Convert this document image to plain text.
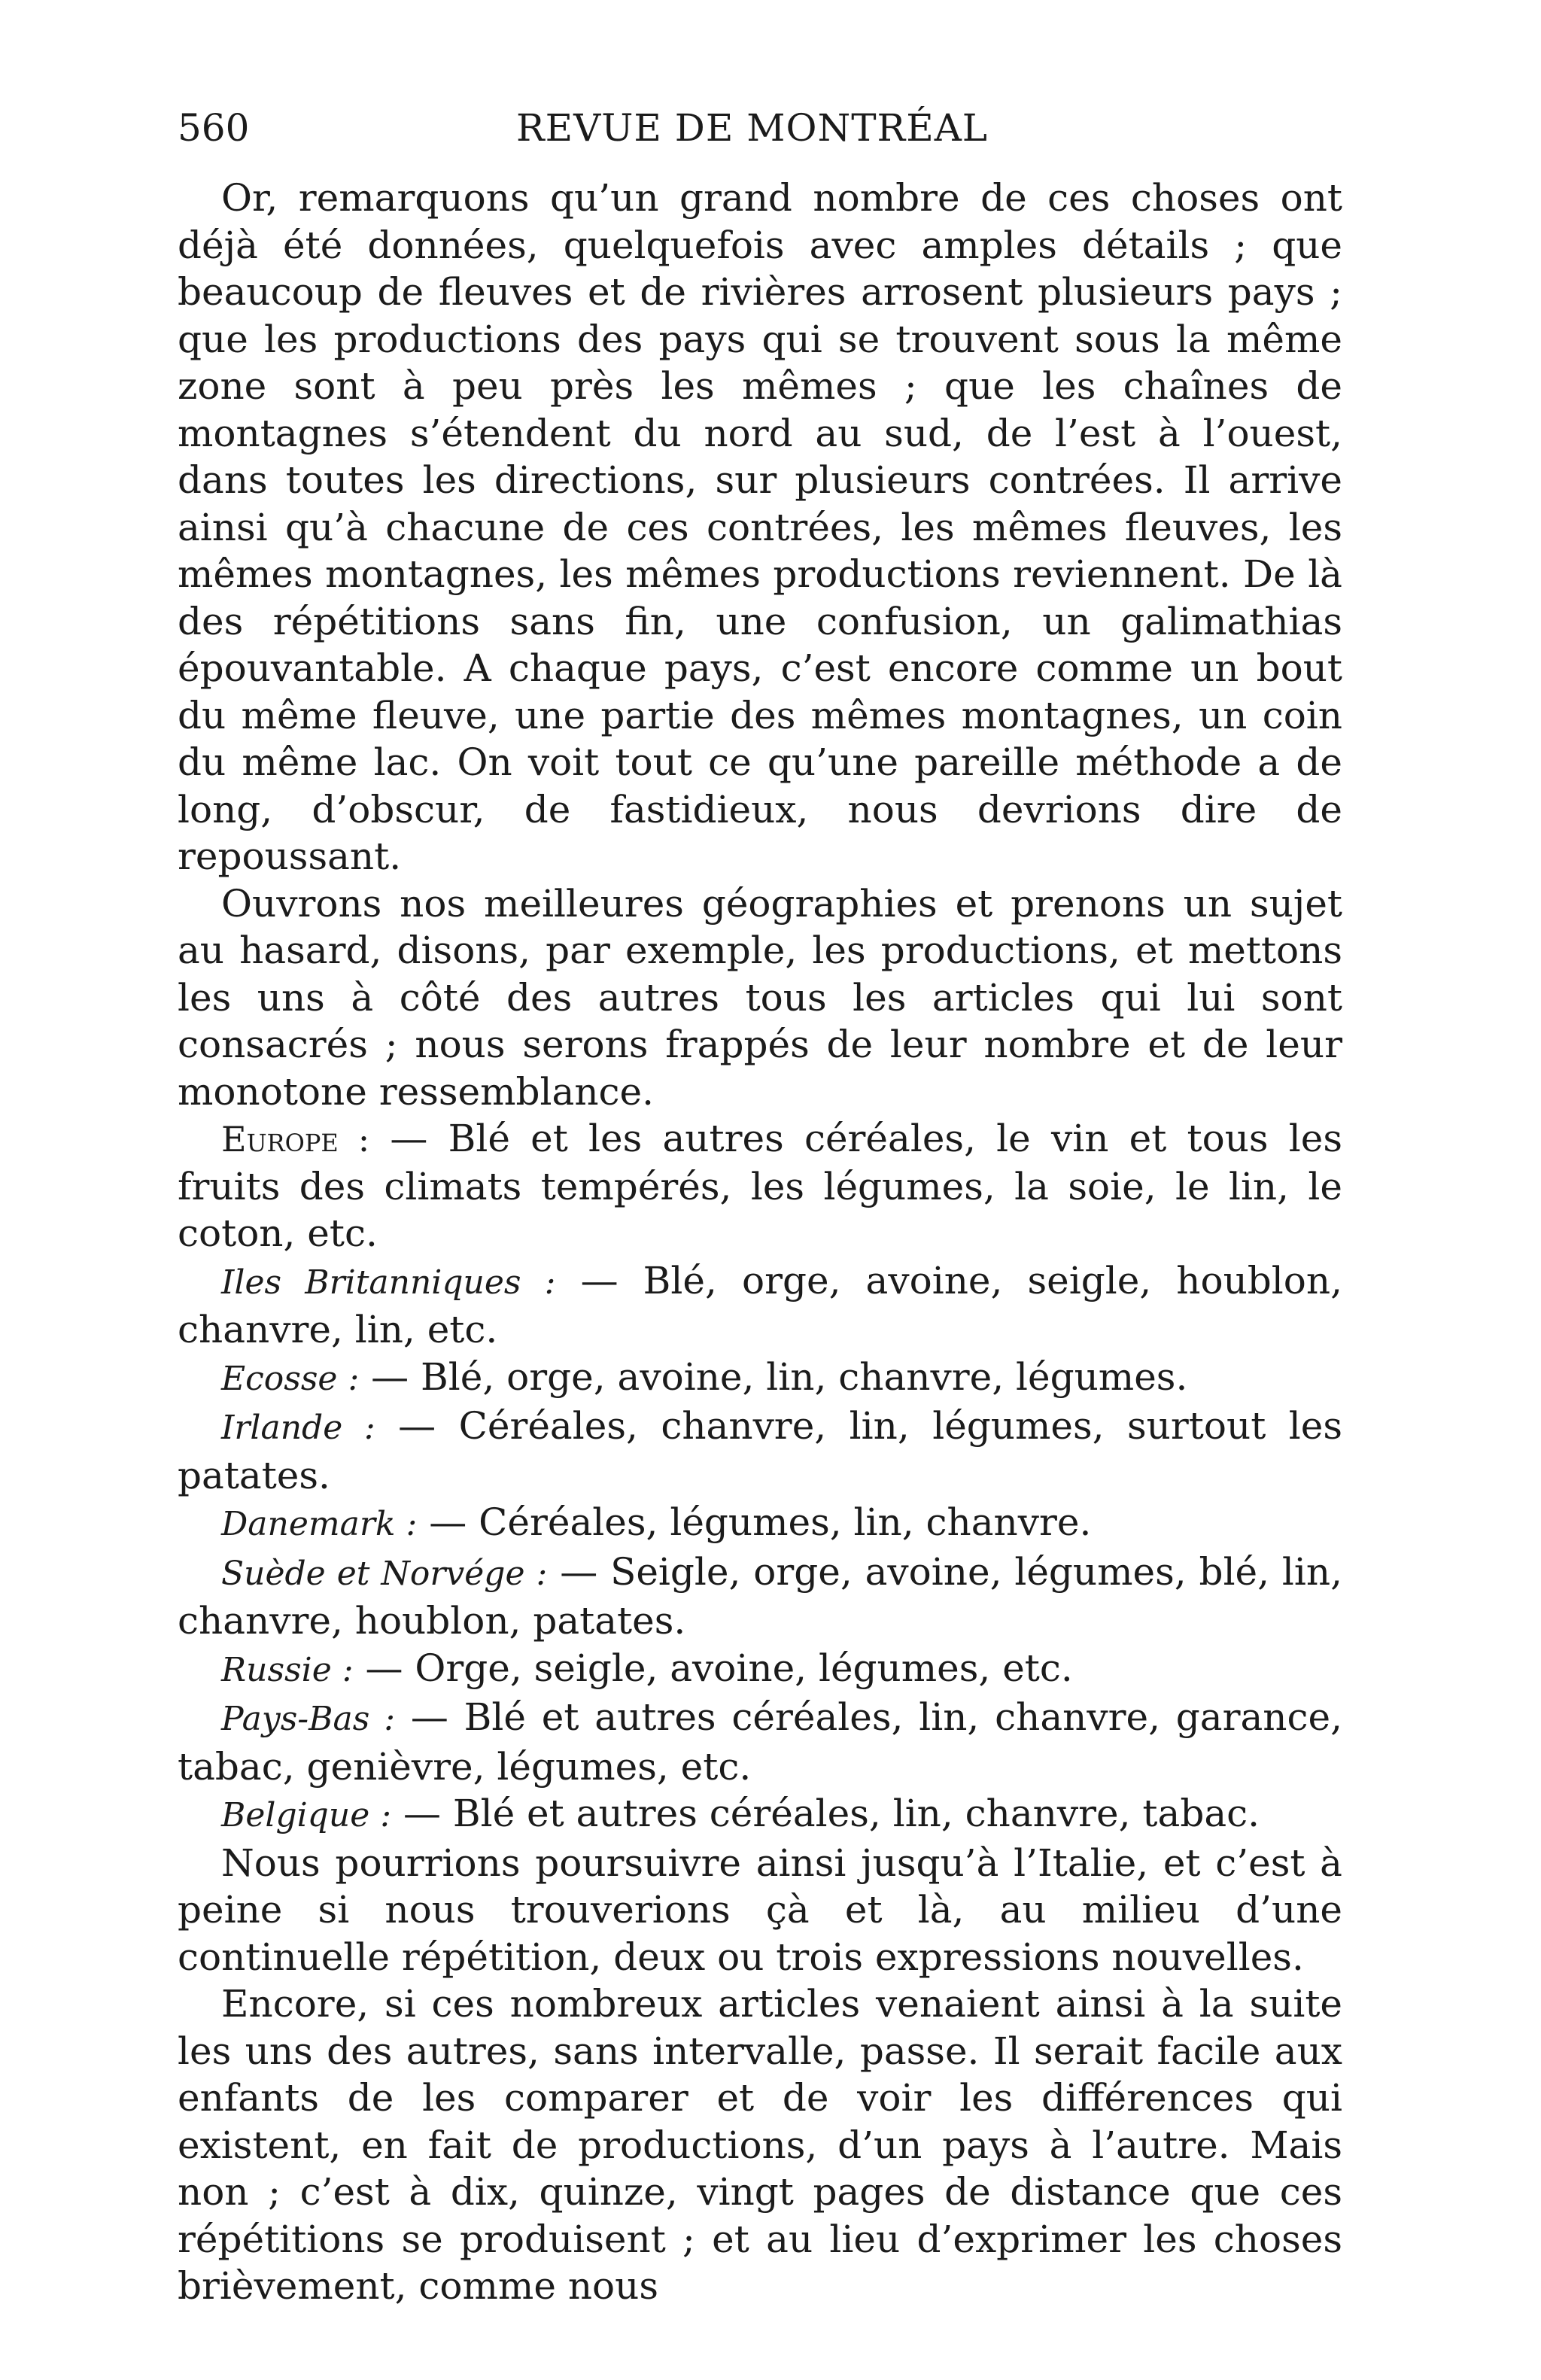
560	REVUE DE MONTRÉAL

Or, remarquons qu’un grand nombre de ces choses ont déjà été données, quelquefois avec amples détails ; que beaucoup de fleuves et de rivières arrosent plusieurs pays ; que les productions des pays qui se trouvent sous la même zone sont à peu près les mêmes ; que les chaînes de montagnes s’étendent du nord au sud, de l’est à l’ouest, dans toutes les directions, sur plusieurs contrées. Il arrive ainsi qu’à chacune de ces contrées, les mêmes fleuves, les mêmes montagnes, les mêmes productions reviennent. De là des répétitions sans fin, une confusion, un galimathias épouvantable. A chaque pays, c’est encore comme un bout du même fleuve, une partie des mêmes montagnes, un coin du même lac. On voit tout ce qu’une pareille méthode a de long, d’obscur, de fastidieux, nous devrions dire de repoussant.

Ouvrons nos meilleures géographies et prenons un sujet au hasard, disons, par exemple, les productions, et mettons les uns à côté des autres tous les articles qui lui sont consacrés ; nous serons frappés de leur nombre et de leur monotone ressemblance.

Europe : — Blé et les autres céréales, le vin et tous les fruits des climats tempérés, les légumes, la soie, le lin, le coton, etc.

Iles Britanniques : — Blé, orge, avoine, seigle, houblon, chanvre, lin, etc.

Ecosse : — Blé, orge, avoine, lin, chanvre, légumes.

Irlande : — Céréales, chanvre, lin, légumes, surtout les patates.

Danemark : — Céréales, légumes, lin, chanvre.

Suède et Norvége : — Seigle, orge, avoine, légumes, blé, lin, chanvre, houblon, patates.

Russie : — Orge, seigle, avoine, légumes, etc.

Pays-Bas : — Blé et autres céréales, lin, chanvre, garance, tabac, genièvre, légumes, etc.

Belgique : — Blé et autres céréales, lin, chanvre, tabac.

Nous pourrions poursuivre ainsi jusqu’à l’Italie, et c’est à peine si nous trouverions çà et là, au milieu d’une continuelle répétition, deux ou trois expressions nouvelles.

Encore, si ces nombreux articles venaient ainsi à la suite les uns des autres, sans intervalle, passe. Il serait facile aux enfants de les comparer et de voir les différences qui existent, en fait de productions, d’un pays à l’autre. Mais non ; c’est à dix, quinze, vingt pages de distance que ces répétitions se produisent ; et au lieu d’exprimer les choses brièvement, comme nous
